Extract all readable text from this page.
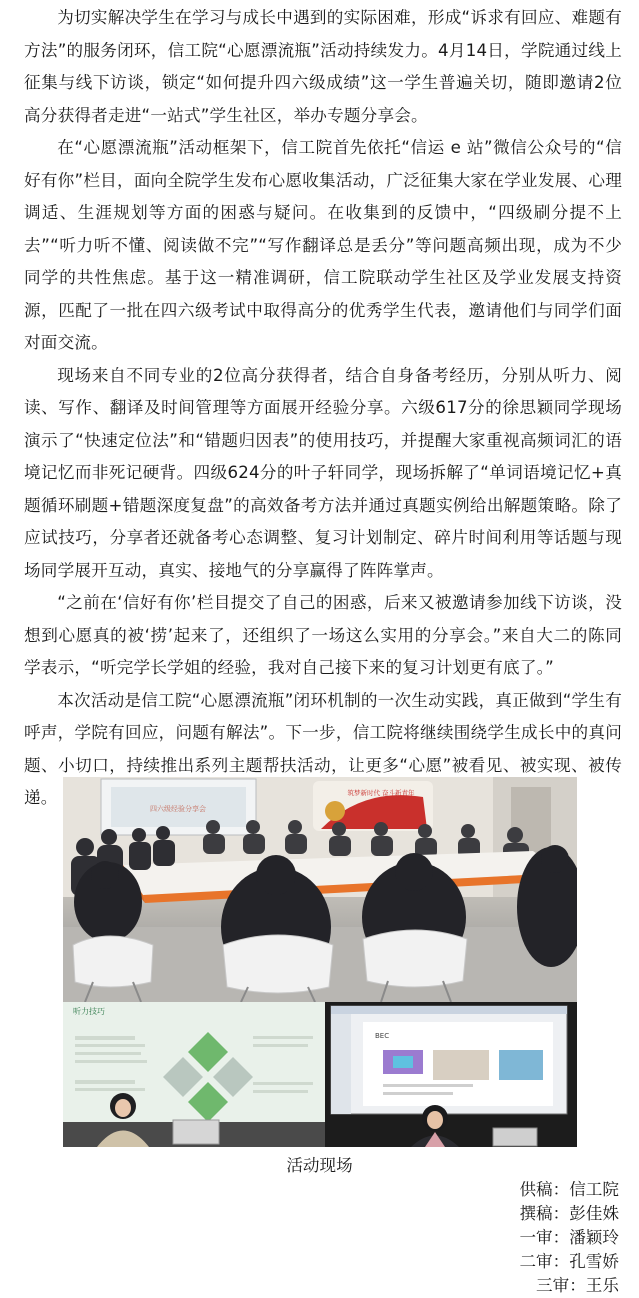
为切实解决学生在学习与成长中遇到的实际困难，形成“诉求有回应、难题有方法”的服务闭环，信工院“心愿漂流瓶”活动持续发力。4月14日，学院通过线上征集与线下访谈，锁定“如何提升四六级成绩”这一学生普遍关切，随即邀请2位高分获得者走进“一站式”学生社区，举办专题分享会。

在“心愿漂流瓶”活动框架下，信工院首先依托“信运 e 站”微信公众号的“信好有你”栏目，面向全院学生发布心愿收集活动，广泛征集大家在学业发展、心理调适、生涯规划等方面的困惑与疑问。在收集到的反馈中，“四级刷分提不上去”“听力听不懂、阅读做不完”“写作翻译总是丢分”等问题高频出现，成为不少同学的共性焦虑。基于这一精准调研，信工院联动学生社区及学业发展支持资源，匹配了一批在四六级考试中取得高分的优秀学生代表，邀请他们与同学们面对面交流。

现场来自不同专业的2位高分获得者，结合自身备考经历，分别从听力、阅读、写作、翻译及时间管理等方面展开经验分享。六级617分的徐思颖同学现场演示了“快速定位法”和“错题归因表”的使用技巧，并提醒大家重视高频词汇的语境记忆而非死记硬背。四级624分的叶子轩同学，现场拆解了“单词语境记忆+真题循环刷题+错题深度复盘”的高效备考方法并通过真题实例给出解题策略。除了应试技巧，分享者还就备考心态调整、复习计划制定、碎片时间利用等话题与现场同学展开互动，真实、接地气的分享赢得了阵阵掌声。

“之前在‘信好有你’栏目提交了自己的困惑，后来又被邀请参加线下访谈，没想到心愿真的被‘捞’起来了，还组织了一场这么实用的分享会。”来自大二的陈同学表示，“听完学长学姐的经验，我对自己接下来的复习计划更有底了。”

本次活动是信工院“心愿漂流瓶”闭环机制的一次生动实践，真正做到“学生有呼声，学院有回应，问题有解法”。下一步，信工院将继续围绕学生成长中的真问题、小切口，持续推出系列主题帮扶活动，让更多“心愿”被看见、被实现、被传递。

四六级经验分享会
筑梦新时代 奋斗新青年
听力技巧
BEC
活动现场
供稿：信工院
撰稿：彭佳姝
一审：潘颖玲
二审：孔雪娇
三审：王乐
